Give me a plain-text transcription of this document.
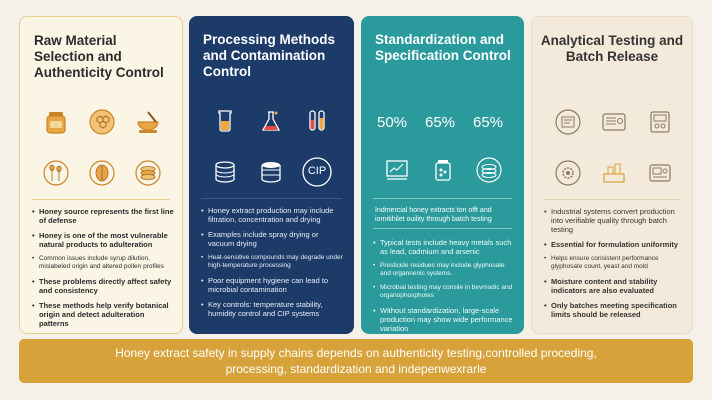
Raw Material Selection and Authenticity Control
• Honey source represents the first line of defense
• Honey is one of the most vulnerable natural products to adulteration
• Common issues include syrup dilution, mislabeled origin and altered pollen profiles
• These problems directly affect safety and consistency
• These methods help verify botanical origin and detect adulteration patterns
Processing Methods and Contamination Control
CIP
• Honey extract production may include filtration, concentration and drying
• Examples include spray drying or vacuum drying
• Heat-sensitive compounds may degrade under high-temperature processing
• Poor equipment hygiene can lead to microbial contamination
• Key controls: temperature stability, humidity control and CIP systems
Standardization and Specification Control
50% 65% 65%
Indmercial honey extracts ton offt and iornitihilet ouility through batch testing
• Typical tests include heavy metals such as lead, cadmium and arsenic
• Presticide residues may include glyphosate and organnenic systems.
• Microbial testing may consile in bevmodic and organophosphotes
• Without standardization, large-scale production may show wide performance variation
Analytical Testing and Batch Release
• Industrial systems convert production into verifiable quality through batch testing
• Essential for formulation uniformity
• Helps ensure consistent performance glyphosate count, yeast and mold
• Moisture content and stability indicators are also evaluated
• Only batches meeting specification limits should be released
Honey extract safety in supply chains depends on authenticity testing,controlled proceding,
processing, standardization and indepenwexrarle
